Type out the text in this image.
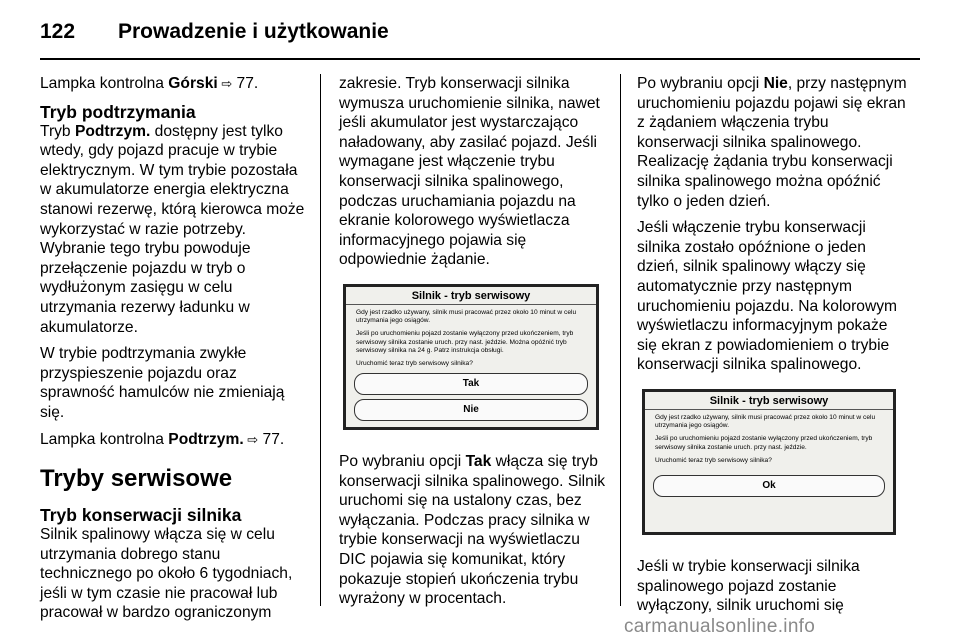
122 Prowadzenie i użytkowanie

Lampka kontrolna Górski ⇨ 77.

Tryb podtrzymania

Tryb Podtrzym. dostępny jest tylko wtedy, gdy pojazd pracuje w trybie elektrycznym. W tym trybie pozostała w akumulatorze energia elektryczna stanowi rezerwę, którą kierowca może wykorzystać w razie potrzeby. Wybranie tego trybu powoduje przełączenie pojazdu w tryb o wydłużonym zasięgu w celu utrzymania rezerwy ładunku w akumulatorze.

W trybie podtrzymania zwykłe przyspieszenie pojazdu oraz sprawność hamulców nie zmieniają się.

Lampka kontrolna Podtrzym. ⇨ 77.

Tryby serwisowe
Tryb konserwacji silnika

Silnik spalinowy włącza się w celu utrzymania dobrego stanu technicznego po około 6 tygodniach, jeśli w tym czasie nie pracował lub pracował w bardzo ograniczonym

zakresie. Tryb konserwacji silnika wymusza uruchomienie silnika, nawet jeśli akumulator jest wystarczająco naładowany, aby zasilać pojazd. Jeśli wymagane jest włączenie trybu konserwacji silnika spalinowego, podczas uruchamiania pojazdu na ekranie kolorowego wyświetlacza informacyjnego pojawia się odpowiednie żądanie.

Silnik - tryb serwisowy
Gdy jest rzadko używany, silnik musi pracować przez około 10 minut w celu utrzymania jego osiągów.
Jeśli po uruchomieniu pojazd zostanie wyłączony przed ukończeniem, tryb serwisowy silnika zostanie uruch. przy nast. jeździe. Można opóźnić tryb serwisowy silnika na 24 g. Patrz instrukcja obsługi.
Uruchomić teraz tryb serwisowy silnika?
Tak
Nie

Po wybraniu opcji Tak włącza się tryb konserwacji silnika spalinowego. Silnik uruchomi się na ustalony czas, bez wyłączania. Podczas pracy silnika w trybie konserwacji na wyświetlaczu DIC pojawia się komunikat, który pokazuje stopień ukończenia trybu wyrażony w procentach.

Po wybraniu opcji Nie, przy następnym uruchomieniu pojazdu pojawi się ekran z żądaniem włączenia trybu konserwacji silnika spalinowego. Realizację żądania trybu konserwacji silnika spalinowego można opóźnić tylko o jeden dzień.

Jeśli włączenie trybu konserwacji silnika zostało opóźnione o jeden dzień, silnik spalinowy włączy się automatycznie przy następnym uruchomieniu pojazdu. Na kolorowym wyświetlaczu informacyjnym pokaże się ekran z powiadomieniem o trybie konserwacji silnika spalinowego.

Silnik - tryb serwisowy
Gdy jest rzadko używany, silnik musi pracować przez około 10 minut w celu utrzymania jego osiągów.
Jeśli po uruchomieniu pojazd zostanie wyłączony przed ukończeniem, tryb serwisowy silnika zostanie uruch. przy nast. jeździe.
Uruchomić teraz tryb serwisowy silnika?
Ok

Jeśli w trybie konserwacji silnika spalinowego pojazd zostanie wyłączony, silnik uruchomi się

carmanualsonline.info
